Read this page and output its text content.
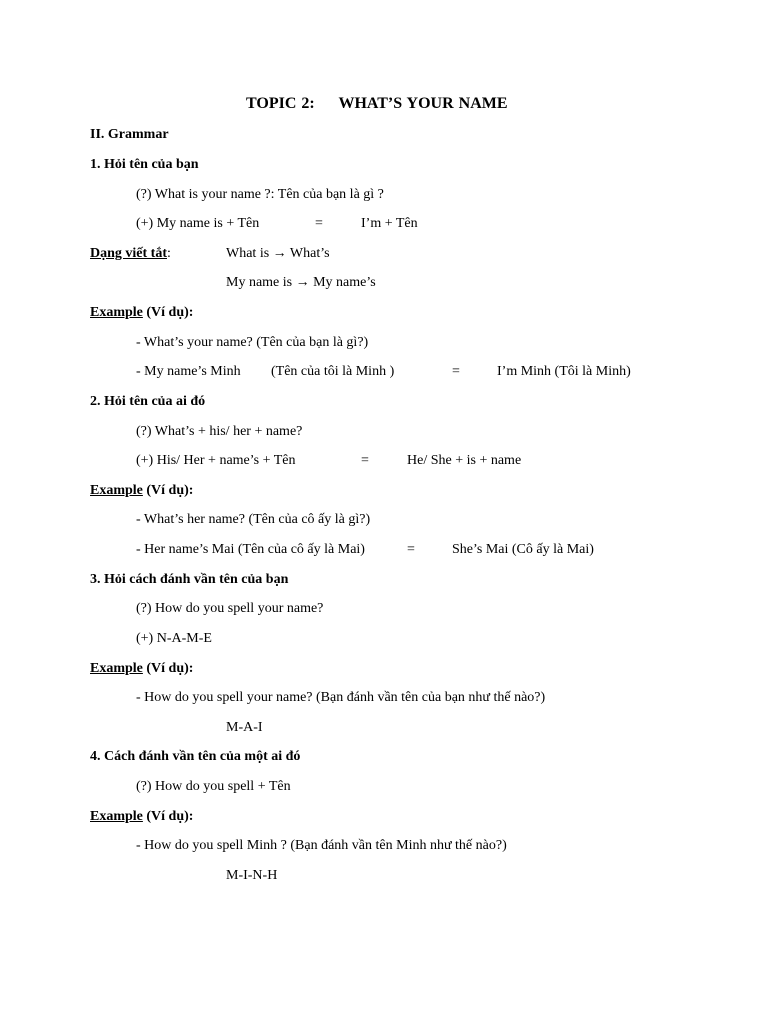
TOPIC 2: WHAT’S YOUR NAME
II. Grammar
1. Hỏi tên của bạn
(?) What is your name ?: Tên của bạn là gì ?
(+) My name is + Tên	=	I’m + Tên
Dạng viết tắt:	What is → What’s
My name is → My name’s
Example (Ví dụ):
- What’s your name? (Tên của bạn là gì?)
- My name’s Minh (Tên của tôi là Minh )	=	I’m Minh (Tôi là Minh)
2. Hỏi tên của ai đó
(?) What’s + his/ her + name?
(+) His/ Her + name’s + Tên	=	He/ She + is + name
Example (Ví dụ):
- What’s her name? (Tên của cô ấy là gì?)
- Her name’s Mai (Tên của cô ấy là Mai)	=	She’s Mai (Cô ấy là Mai)
3. Hỏi cách đánh vần tên của bạn
(?) How do you spell your name?
(+) N-A-M-E
Example (Ví dụ):
- How do you spell your name? (Bạn đánh vần tên của bạn như thế nào?)
M-A-I
4. Cách đánh vần tên của một ai đó
(?) How do you spell + Tên
Example (Ví dụ):
- How do you spell Minh ? (Bạn đánh vần tên Minh như thế nào?)
M-I-N-H
